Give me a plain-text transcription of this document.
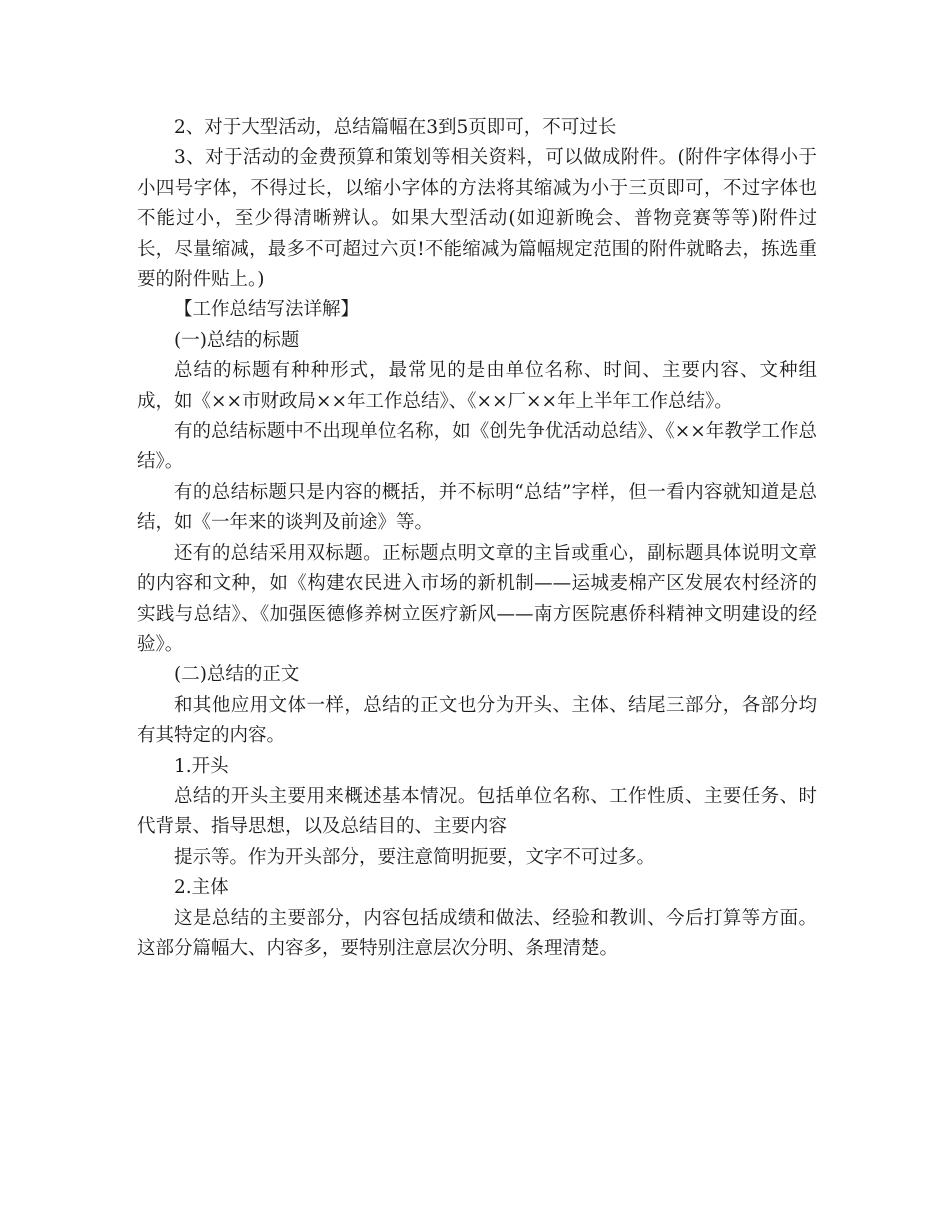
2、对于大型活动，总结篇幅在3到5页即可，不可过长

3、对于活动的金费预算和策划等相关资料，可以做成附件。(附件字体得小于小四号字体，不得过长，以缩小字体的方法将其缩减为小于三页即可，不过字体也不能过小，至少得清晰辨认。如果大型活动(如迎新晚会、普物竞赛等等)附件过长，尽量缩减，最多不可超过六页!不能缩减为篇幅规定范围的附件就略去，拣选重要的附件贴上。)

【工作总结写法详解】

(一)总结的标题

总结的标题有种种形式，最常见的是由单位名称、时间、主要内容、文种组成，如《××市财政局××年工作总结》、《××厂××年上半年工作总结》。

有的总结标题中不出现单位名称，如《创先争优活动总结》、《××年教学工作总结》。

有的总结标题只是内容的概括，并不标明“总结”字样，但一看内容就知道是总结，如《一年来的谈判及前途》等。

还有的总结采用双标题。正标题点明文章的主旨或重心，副标题具体说明文章的内容和文种，如《构建农民进入市场的新机制——运城麦棉产区发展农村经济的实践与总结》、《加强医德修养树立医疗新风——南方医院惠侨科精神文明建设的经验》。

(二)总结的正文

和其他应用文体一样，总结的正文也分为开头、主体、结尾三部分，各部分均有其特定的内容。

1.开头

总结的开头主要用来概述基本情况。包括单位名称、工作性质、主要任务、时代背景、指导思想，以及总结目的、主要内容

提示等。作为开头部分，要注意简明扼要，文字不可过多。

2.主体

这是总结的主要部分，内容包括成绩和做法、经验和教训、今后打算等方面。这部分篇幅大、内容多，要特别注意层次分明、条理清楚。
